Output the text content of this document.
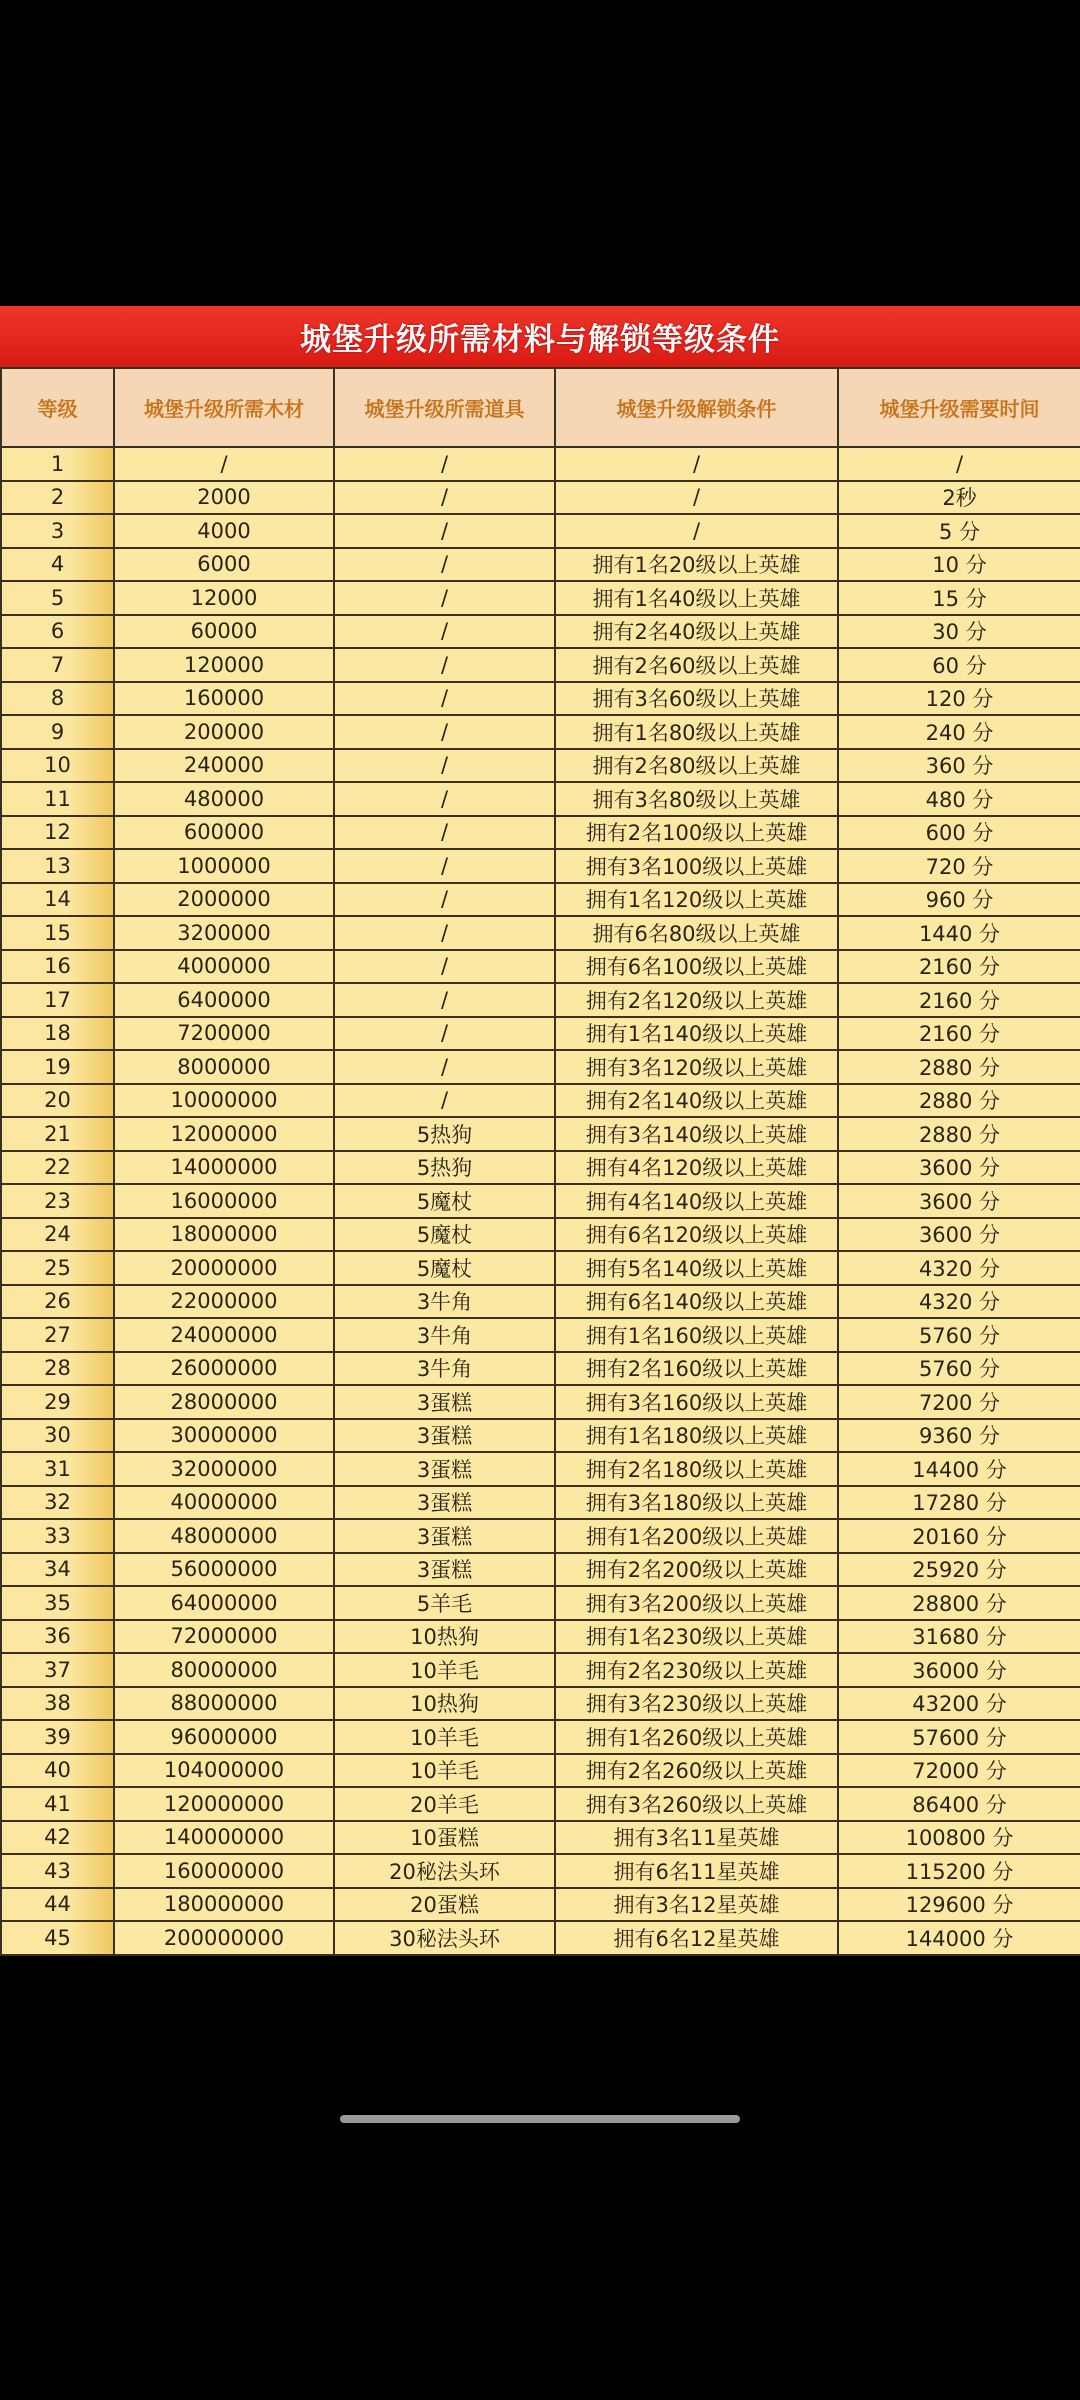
城堡升级所需材料与解锁等级条件
等级	城堡升级所需木材	城堡升级所需道具	城堡升级解锁条件	城堡升级需要时间
1	/	/	/	/
2	2000	/	/	2秒
3	4000	/	/	5 分
4	6000	/	拥有1名20级以上英雄	10 分
5	12000	/	拥有1名40级以上英雄	15 分
6	60000	/	拥有2名40级以上英雄	30 分
7	120000	/	拥有2名60级以上英雄	60 分
8	160000	/	拥有3名60级以上英雄	120 分
9	200000	/	拥有1名80级以上英雄	240 分
10	240000	/	拥有2名80级以上英雄	360 分
11	480000	/	拥有3名80级以上英雄	480 分
12	600000	/	拥有2名100级以上英雄	600 分
13	1000000	/	拥有3名100级以上英雄	720 分
14	2000000	/	拥有1名120级以上英雄	960 分
15	3200000	/	拥有6名80级以上英雄	1440 分
16	4000000	/	拥有6名100级以上英雄	2160 分
17	6400000	/	拥有2名120级以上英雄	2160 分
18	7200000	/	拥有1名140级以上英雄	2160 分
19	8000000	/	拥有3名120级以上英雄	2880 分
20	10000000	/	拥有2名140级以上英雄	2880 分
21	12000000	5热狗	拥有3名140级以上英雄	2880 分
22	14000000	5热狗	拥有4名120级以上英雄	3600 分
23	16000000	5魔杖	拥有4名140级以上英雄	3600 分
24	18000000	5魔杖	拥有6名120级以上英雄	3600 分
25	20000000	5魔杖	拥有5名140级以上英雄	4320 分
26	22000000	3牛角	拥有6名140级以上英雄	4320 分
27	24000000	3牛角	拥有1名160级以上英雄	5760 分
28	26000000	3牛角	拥有2名160级以上英雄	5760 分
29	28000000	3蛋糕	拥有3名160级以上英雄	7200 分
30	30000000	3蛋糕	拥有1名180级以上英雄	9360 分
31	32000000	3蛋糕	拥有2名180级以上英雄	14400 分
32	40000000	3蛋糕	拥有3名180级以上英雄	17280 分
33	48000000	3蛋糕	拥有1名200级以上英雄	20160 分
34	56000000	3蛋糕	拥有2名200级以上英雄	25920 分
35	64000000	5羊毛	拥有3名200级以上英雄	28800 分
36	72000000	10热狗	拥有1名230级以上英雄	31680 分
37	80000000	10羊毛	拥有2名230级以上英雄	36000 分
38	88000000	10热狗	拥有3名230级以上英雄	43200 分
39	96000000	10羊毛	拥有1名260级以上英雄	57600 分
40	104000000	10羊毛	拥有2名260级以上英雄	72000 分
41	120000000	20羊毛	拥有3名260级以上英雄	86400 分
42	140000000	10蛋糕	拥有3名11星英雄	100800 分
43	160000000	20秘法头环	拥有6名11星英雄	115200 分
44	180000000	20蛋糕	拥有3名12星英雄	129600 分
45	200000000	30秘法头环	拥有6名12星英雄	144000 分
